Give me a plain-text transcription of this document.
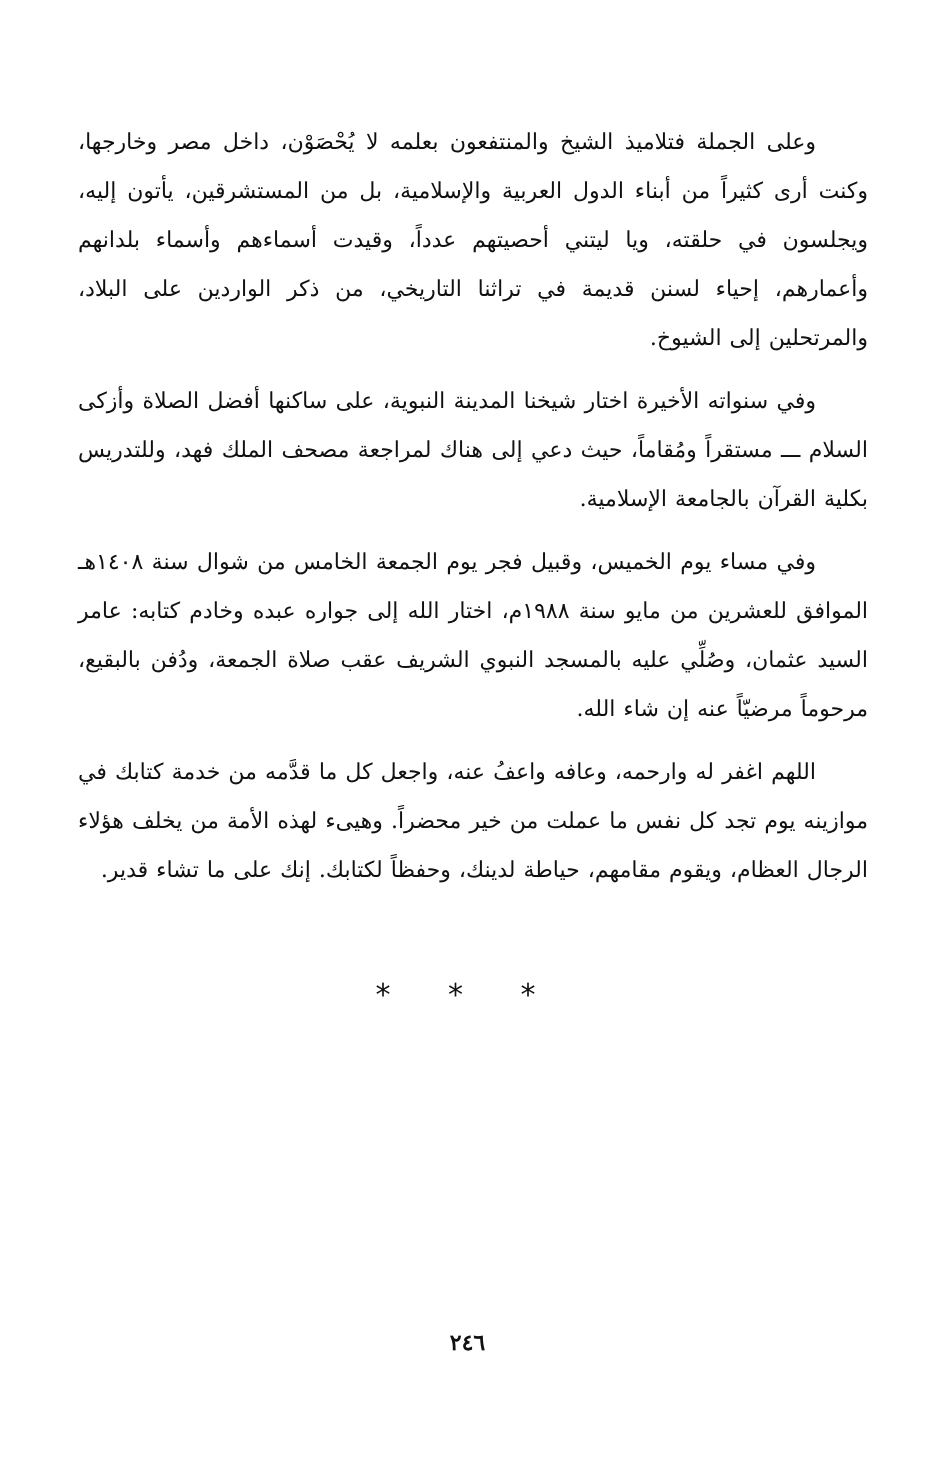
وعلى الجملة فتلاميذ الشيخ والمنتفعون بعلمه لا يُحْصَوْن، داخل مصر وخارجها، وكنت أرى كثيراً من أبناء الدول العربية والإسلامية، بل من المستشرقين، يأتون إليه، ويجلسون في حلقته، ويا ليتني أحصيتهم عدداً، وقيدت أسماءهم وأسماء بلدانهم وأعمارهم، إحياء لسنن قديمة في تراثنا التاريخي، من ذكر الواردين على البلاد، والمرتحلين إلى الشيوخ.

وفي سنواته الأخيرة اختار شيخنا المدينة النبوية، على ساكنها أفضل الصلاة وأزكى السلام ـــ مستقراً ومُقاماً، حيث دعي إلى هناك لمراجعة مصحف الملك فهد، وللتدريس بكلية القرآن بالجامعة الإسلامية.

وفي مساء يوم الخميس، وقبيل فجر يوم الجمعة الخامس من شوال سنة ١٤٠٨هـ الموافق للعشرين من مايو سنة ١٩٨٨م، اختار الله إلى جواره عبده وخادم كتابه: عامر السيد عثمان، وصُلِّي عليه بالمسجد النبوي الشريف عقب صلاة الجمعة، ودُفن بالبقيع، مرحوماً مرضيّاً عنه إن شاء الله.

اللهم اغفر له وارحمه، وعافه واعفُ عنه، واجعل كل ما قدَّمه من خدمة كتابك في موازينه يوم تجد كل نفس ما عملت من خير محضراً. وهيىء لهذه الأمة من يخلف هؤلاء الرجال العظام، ويقوم مقامهم، حياطة لدينك، وحفظاً لكتابك. إنك على ما تشاء قدير.

* * *
٢٤٦
